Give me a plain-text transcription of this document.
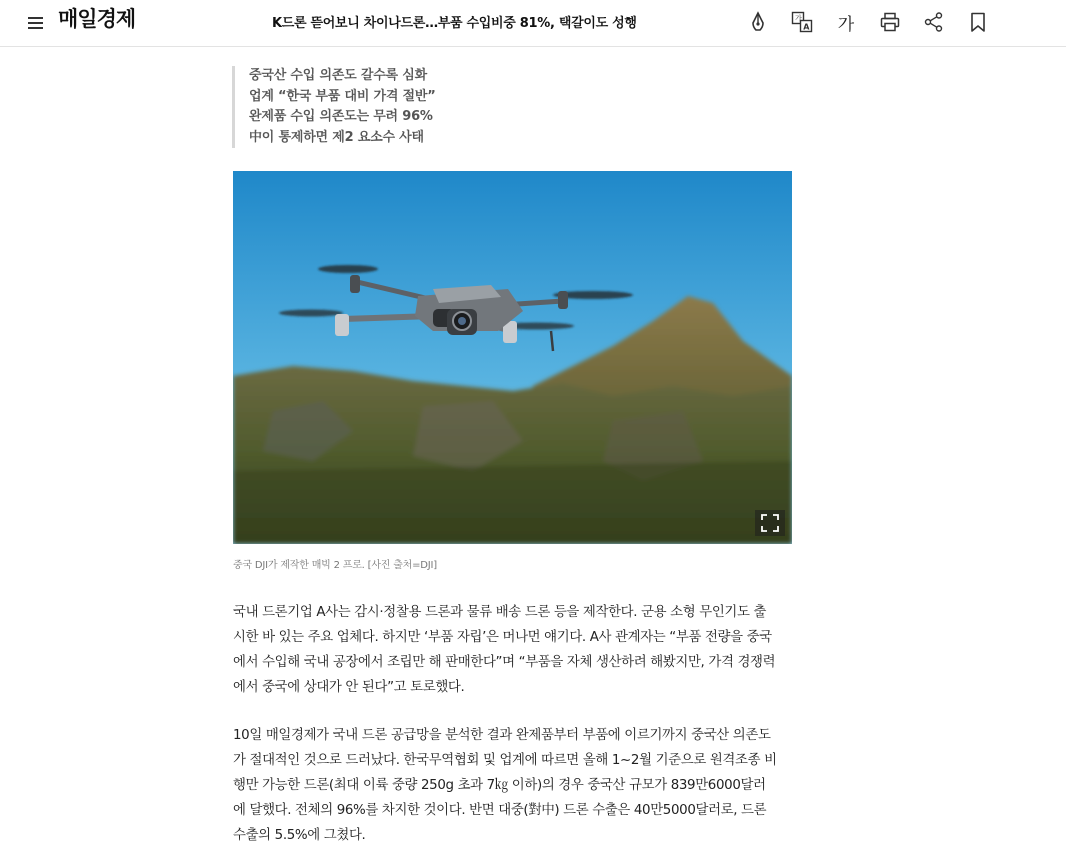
매일경제	K드론 뜯어보니 차이나드론…부품 수입비중 81%, 택갈이도 성행	가
A 가
중국산 수입 의존도 갈수록 심화
업계 “한국 부품 대비 가격 절반”
완제품 수입 의존도는 무려 96%
中이 통제하면 제2 요소수 사태
중국 DJI가 제작한 매빅 2 프로. [사진 출처=DJI]
국내 드론기업 A사는 감시·정찰용 드론과 물류 배송 드론 등을 제작한다. 군용 소형 무인기도 출
시한 바 있는 주요 업체다. 하지만 ‘부품 자립’은 머나먼 얘기다. A사 관계자는 “부품 전량을 중국
에서 수입해 국내 공장에서 조립만 해 판매한다”며 “부품을 자체 생산하려 해봤지만, 가격 경쟁력
에서 중국에 상대가 안 된다”고 토로했다.
10일 매일경제가 국내 드론 공급망을 분석한 결과 완제품부터 부품에 이르기까지 중국산 의존도
가 절대적인 것으로 드러났다. 한국무역협회 및 업계에 따르면 올해 1~2월 기준으로 원격조종 비
행만 가능한 드론(최대 이륙 중량 250g 초과 7㎏ 이하)의 경우 중국산 규모가 839만6000달러
에 달했다. 전체의 96%를 차지한 것이다. 반면 대중(對中) 드론 수출은 40만5000달러로, 드론
수출의 5.5%에 그쳤다.
